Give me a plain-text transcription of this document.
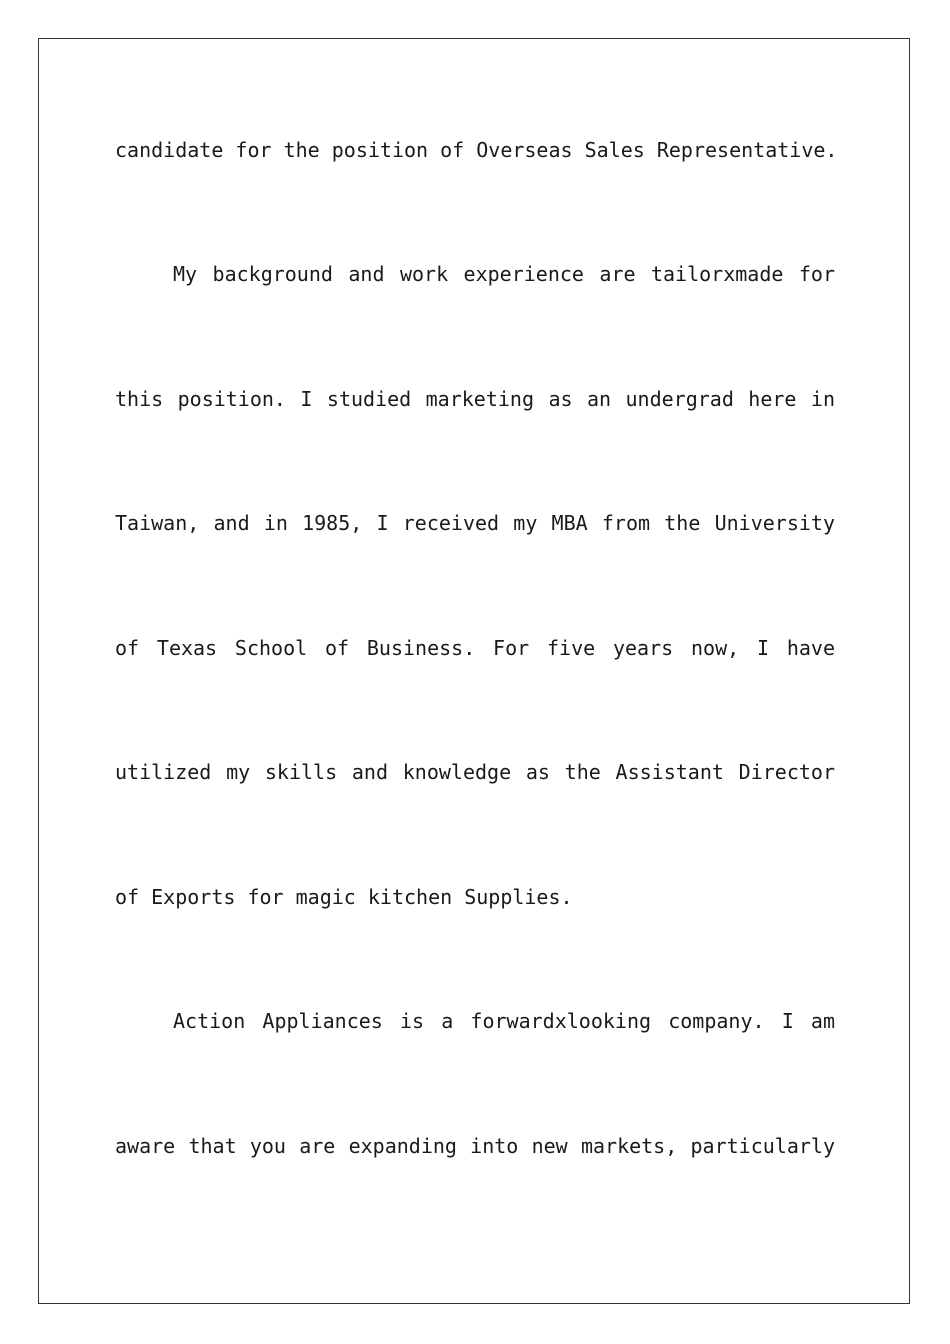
candidate for the position of Overseas Sales Representative.
My background and work experience are tailorxmade for
this position. I studied marketing as an undergrad here in
Taiwan, and in 1985, I received my MBA from the University
of Texas School of Business. For five years now, I have
utilized my skills and knowledge as the Assistant Director
of Exports for magic kitchen Supplies.
Action Appliances is a forwardxlooking company. I am
aware that you are expanding into new markets, particularly
